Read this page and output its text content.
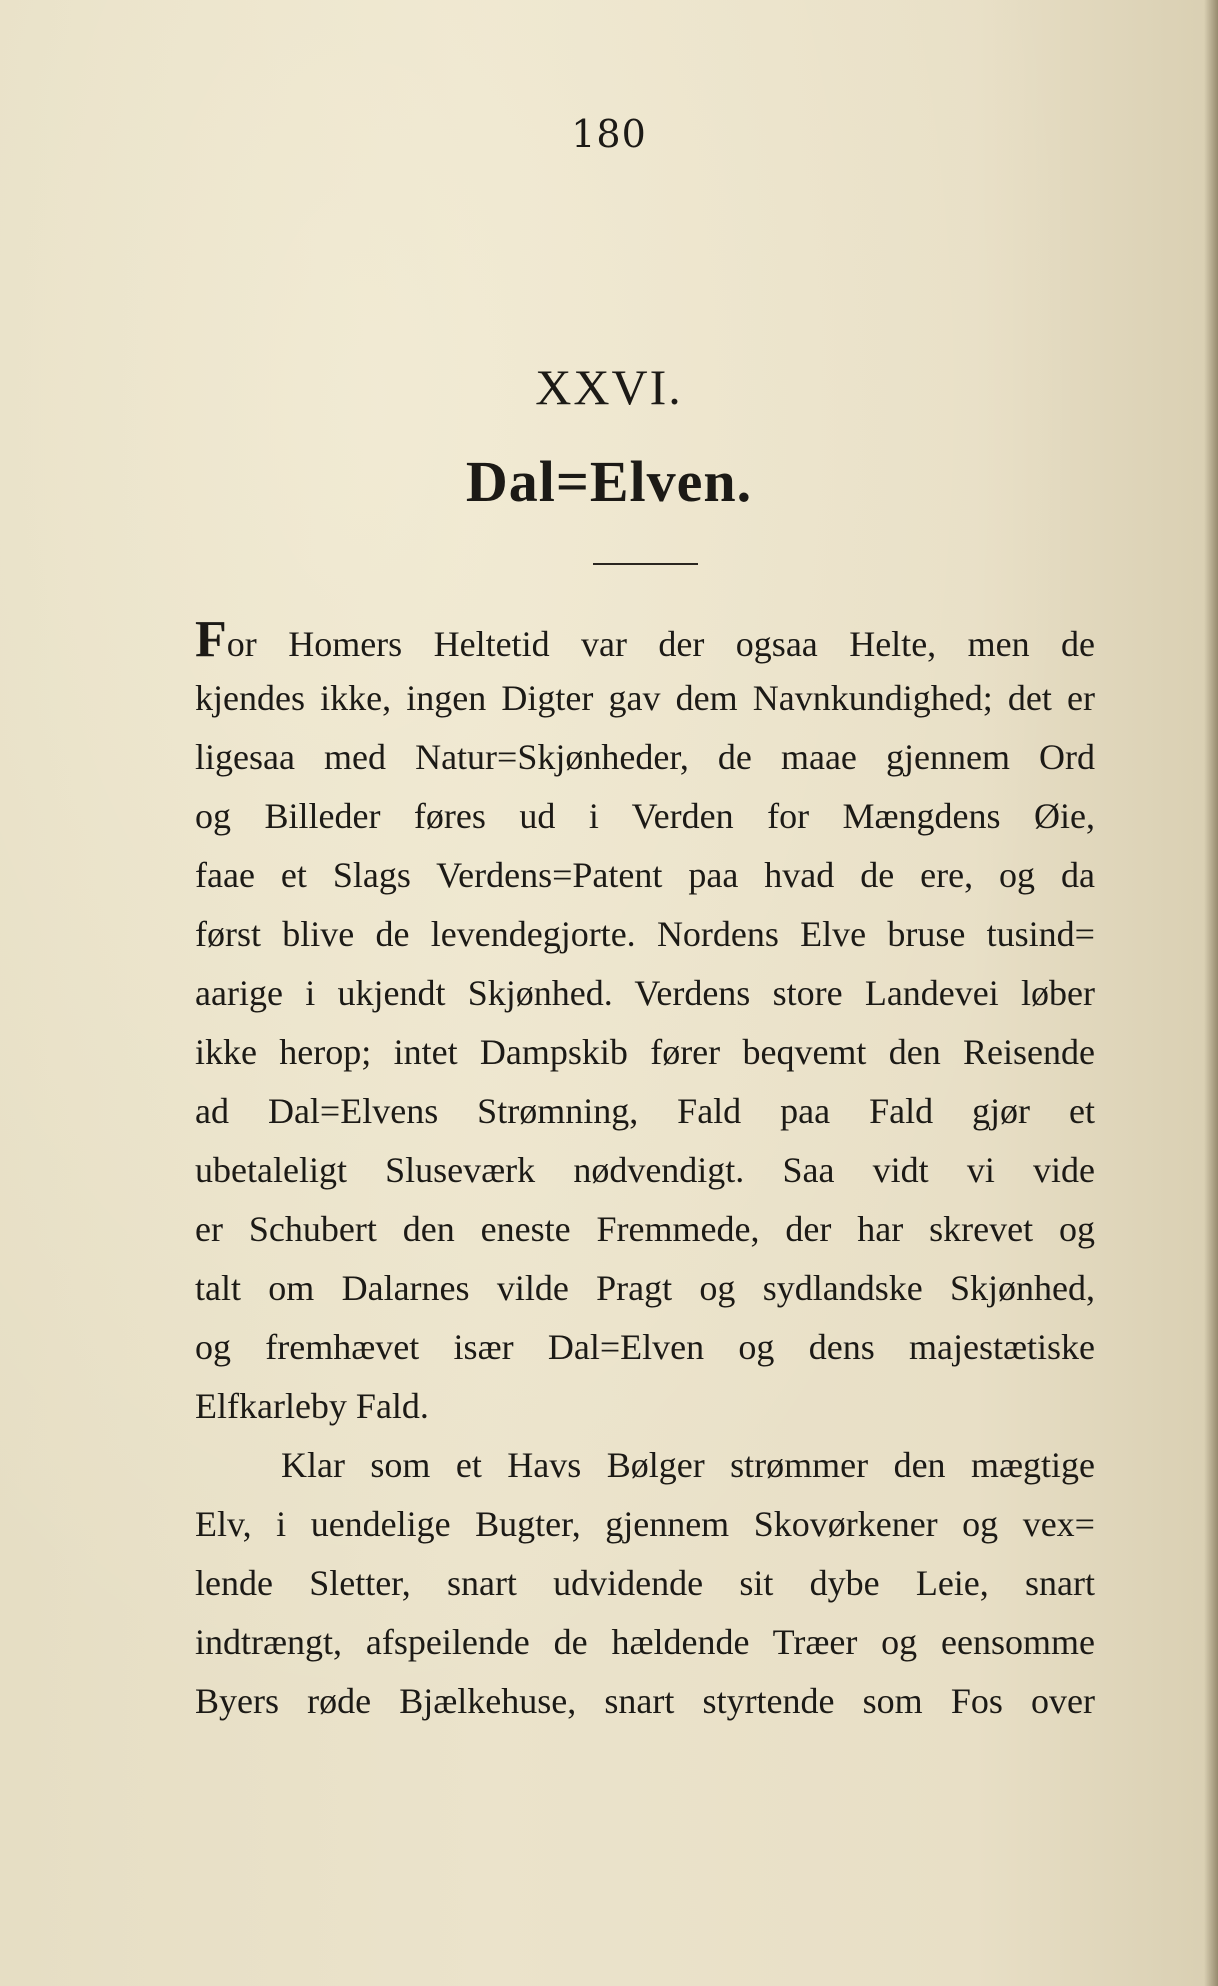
180
XXVI.
Dal=Elven.
For Homers Heltetid var der ogsaa Helte, men de
kjendes ikke, ingen Digter gav dem Navnkundighed; det er
ligesaa med Natur=Skjønheder, de maae gjennem Ord
og Billeder føres ud i Verden for Mængdens Øie,
faae et Slags Verdens=Patent paa hvad de ere, og da
først blive de levendegjorte. Nordens Elve bruse tusind=
aarige i ukjendt Skjønhed. Verdens store Landevei løber
ikke herop; intet Dampskib fører beqvemt den Reisende
ad Dal=Elvens Strømning, Fald paa Fald gjør et
ubetaleligt Sluseværk nødvendigt. Saa vidt vi vide
er Schubert den eneste Fremmede, der har skrevet og
talt om Dalarnes vilde Pragt og sydlandske Skjønhed,
og fremhævet især Dal=Elven og dens majestætiske
Elfkarleby Fald.
Klar som et Havs Bølger strømmer den mægtige
Elv, i uendelige Bugter, gjennem Skovørkener og vex=
lende Sletter, snart udvidende sit dybe Leie, snart
indtrængt, afspeilende de hældende Træer og eensomme
Byers røde Bjælkehuse, snart styrtende som Fos over
